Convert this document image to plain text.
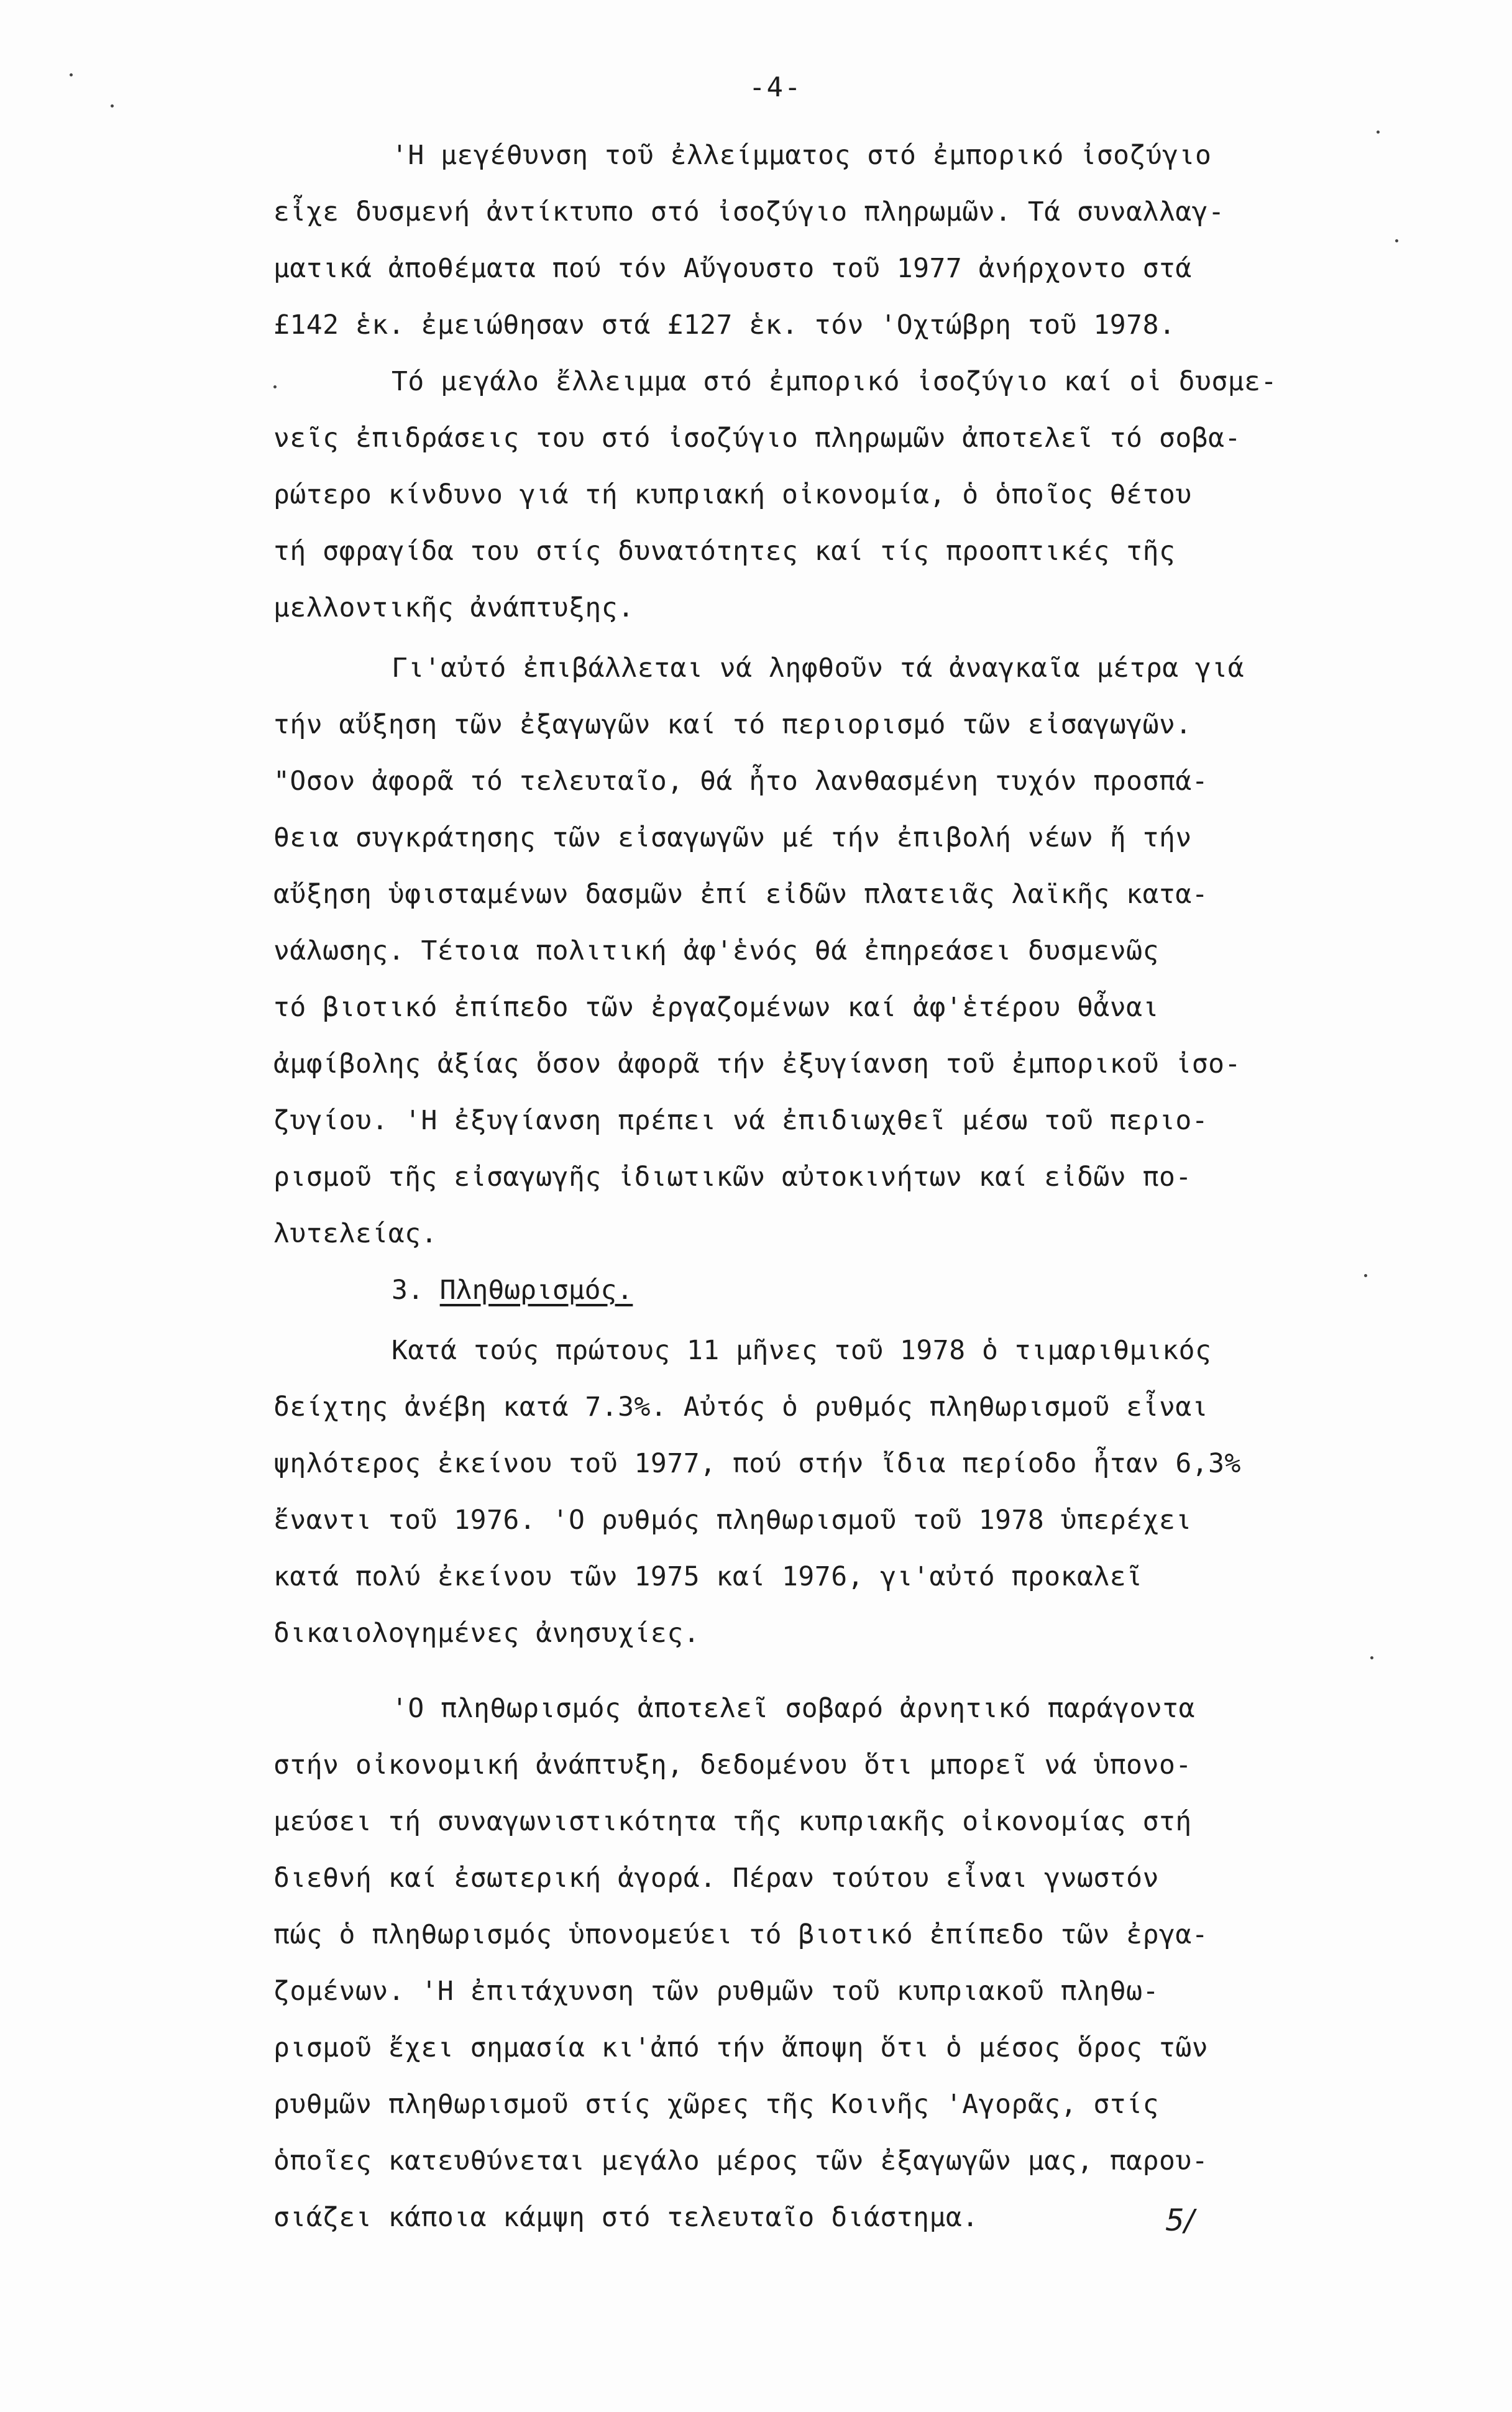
-4-

'Η μεγέθυνση τοῦ ἐλλείμματος στό ἐμπορικό ἰσοζύγιο
εἶχε δυσμενή ἀντίκτυπο στό ἰσοζύγιο πληρωμῶν. Τά συναλλαγ-
ματικά ἀποθέματα πού τόν Αὔγουστο τοῦ 1977 ἀνήρχοντο στά
£142 ἑκ. ἐμειώθησαν στά £127 ἑκ. τόν 'Οχτώβρη τοῦ 1978.

Τό μεγάλο ἔλλειμμα στό ἐμπορικό ἰσοζύγιο καί οἱ δυσμε-
νεῖς ἐπιδράσεις του στό ἰσοζύγιο πληρωμῶν ἀποτελεῖ τό σοβα-
ρώτερο κίνδυνο γιά τή κυπριακή οἰκονομία, ὁ ὁποῖος θέτου
τή σφραγίδα του στίς δυνατότητες καί τίς προοπτικές τῆς
μελλοντικῆς ἀνάπτυξης.

Γι'αὐτό ἐπιβάλλεται νά ληφθοῦν τά ἀναγκαῖα μέτρα γιά
τήν αὔξηση τῶν ἐξαγωγῶν καί τό περιορισμό τῶν εἰσαγωγῶν.
"Οσον ἀφορᾶ τό τελευταῖο, θά ἦτο λανθασμένη τυχόν προσπά-
θεια συγκράτησης τῶν εἰσαγωγῶν μέ τήν ἐπιβολή νέων ἤ τήν
αὔξηση ὑφισταμένων δασμῶν ἐπί εἰδῶν πλατειᾶς λαϊκῆς κατα-
νάλωσης. Τέτοια πολιτική ἀφ'ἑνός θά ἐπηρεάσει δυσμενῶς
τό βιοτικό ἐπίπεδο τῶν ἐργαζομένων καί ἀφ'ἑτέρου θἆναι
ἀμφίβολης ἀξίας ὅσον ἀφορᾶ τήν ἐξυγίανση τοῦ ἐμπορικοῦ ἰσο-
ζυγίου. 'Η ἐξυγίανση πρέπει νά ἐπιδιωχθεῖ μέσω τοῦ περιο-
ρισμοῦ τῆς εἰσαγωγῆς ἰδιωτικῶν αὐτοκινήτων καί εἰδῶν πο-
λυτελείας.

3. Πληθωρισμός.

Κατά τούς πρώτους 11 μῆνες τοῦ 1978 ὁ τιμαριθμικός
δείχτης ἀνέβη κατά 7.3%. Αὐτός ὁ ρυθμός πληθωρισμοῦ εἶναι
ψηλότερος ἐκείνου τοῦ 1977, πού στήν ἴδια περίοδο ἦταν 6,3%
ἔναντι τοῦ 1976. 'Ο ρυθμός πληθωρισμοῦ τοῦ 1978 ὑπερέχει
κατά πολύ ἐκείνου τῶν 1975 καί 1976, γι'αὐτό προκαλεῖ
δικαιολογημένες ἀνησυχίες.

'Ο πληθωρισμός ἀποτελεῖ σοβαρό ἀρνητικό παράγοντα
στήν οἰκονομική ἀνάπτυξη, δεδομένου ὅτι μπορεῖ νά ὑπονο-
μεύσει τή συναγωνιστικότητα τῆς κυπριακῆς οἰκονομίας στή
διεθνή καί ἐσωτερική ἀγορά. Πέραν τούτου εἶναι γνωστόν
πώς ὁ πληθωρισμός ὑπονομεύει τό βιοτικό ἐπίπεδο τῶν ἐργα-
ζομένων. 'Η ἐπιτάχυνση τῶν ρυθμῶν τοῦ κυπριακοῦ πληθω-
ρισμοῦ ἔχει σημασία κι'ἀπό τήν ἄποψη ὅτι ὁ μέσος ὅρος τῶν
ρυθμῶν πληθωρισμοῦ στίς χῶρες τῆς Κοινῆς 'Αγορᾶς, στίς
ὁποῖες κατευθύνεται μεγάλο μέρος τῶν ἐξαγωγῶν μας, παρου-
σιάζει κάποια κάμψη στό τελευταῖο διάστημα.	5/
